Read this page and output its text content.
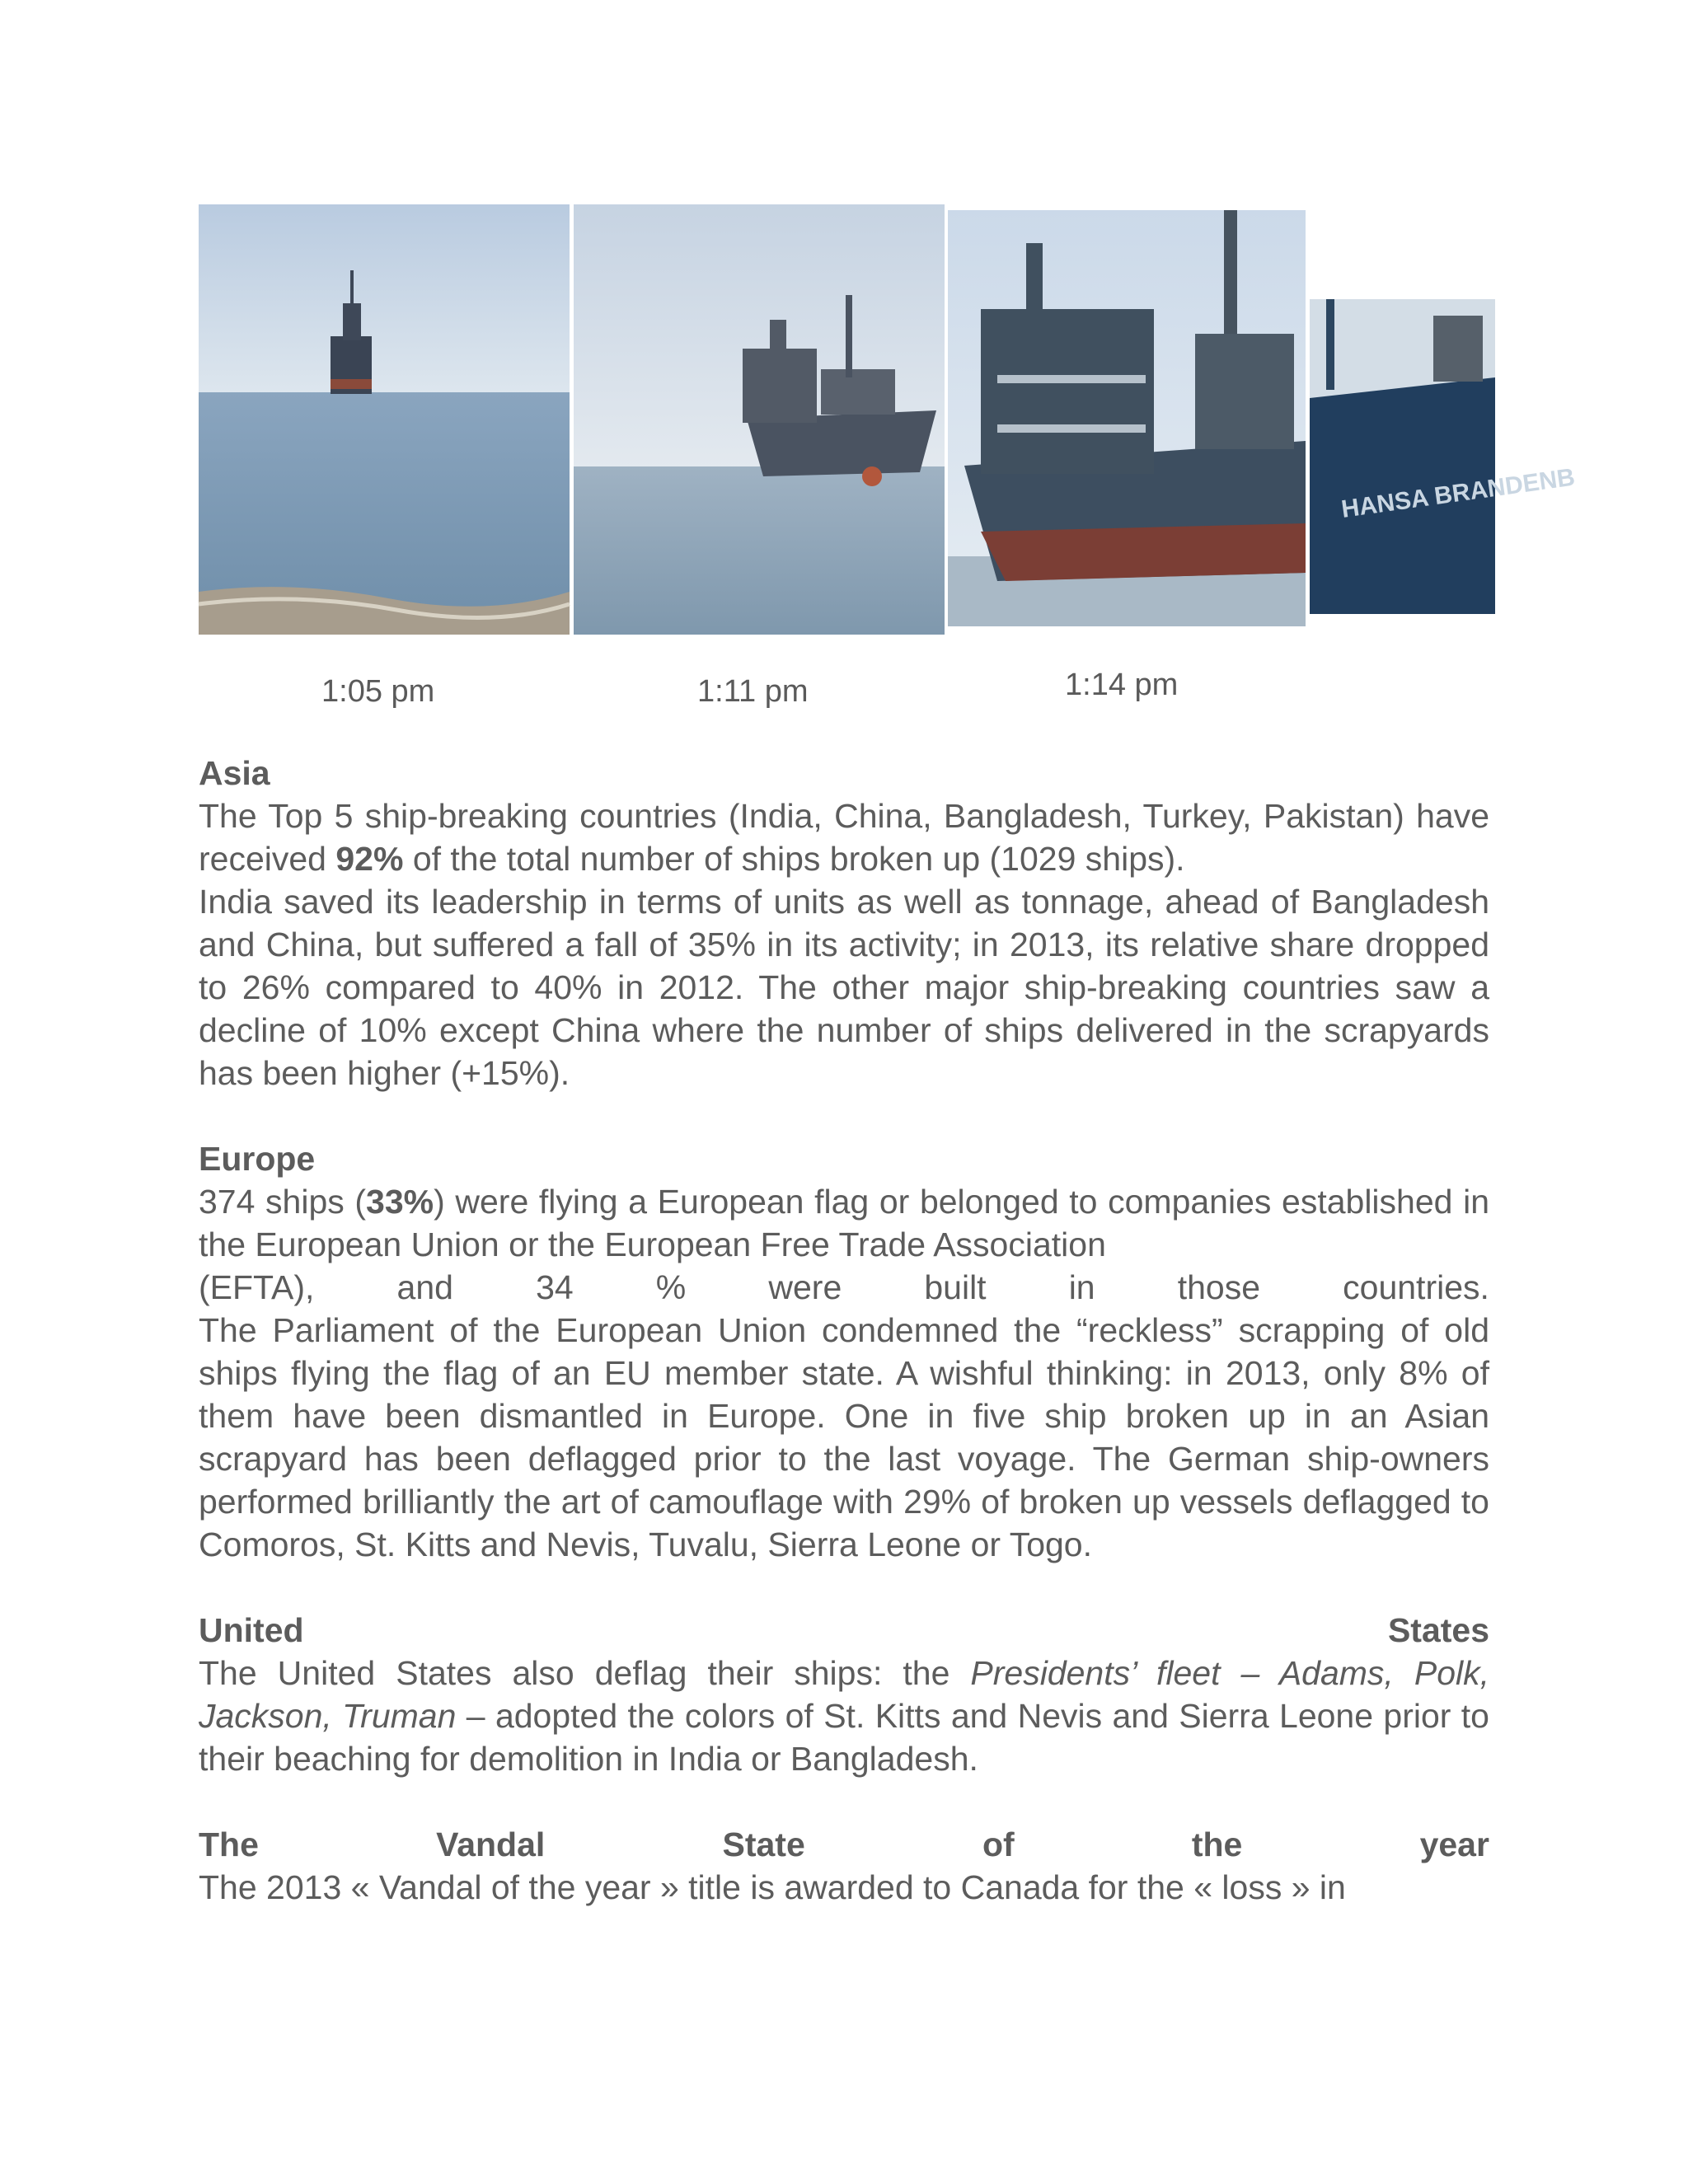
HANSA BRANDENB
1:05 pm	1:11 pm	1:14 pm
Asia

The Top 5 ship-breaking countries (India, China, Bangladesh, Turkey, Pakistan) have received 92% of the total number of ships broken up (1029 ships).

India saved its leadership in terms of units as well as tonnage, ahead of Bangladesh and China, but suffered a fall of 35% in its activity; in 2013, its relative share dropped to 26% compared to 40% in 2012. The other major ship-breaking countries saw a decline of 10% except China where the number of ships delivered in the scrapyards has been higher (+15%).

Europe

374 ships (33%) were flying a European flag or belonged to companies established in the European Union or the European Free Trade Association

(EFTA), and 34 % were built in those countries.

The Parliament of the European Union condemned the “reckless” scrapping of old ships flying the flag of an EU member state. A wishful thinking: in 2013, only 8% of them have been dismantled in Europe. One in five ship broken up in an Asian scrapyard has been deflagged prior to the last voyage. The German ship-owners performed brilliantly the art of camouflage with 29% of broken up vessels deflagged to Comoros, St. Kitts and Nevis, Tuvalu, Sierra Leone or Togo.

United	States

The United States also deflag their ships: the Presidents’ fleet – Adams, Polk, Jackson, Truman – adopted the colors of St. Kitts and Nevis and Sierra Leone prior to their beaching for demolition in India or Bangladesh.

The	Vandal	State	of	the	year

The 2013 « Vandal of the year » title is awarded to Canada for the « loss » in
